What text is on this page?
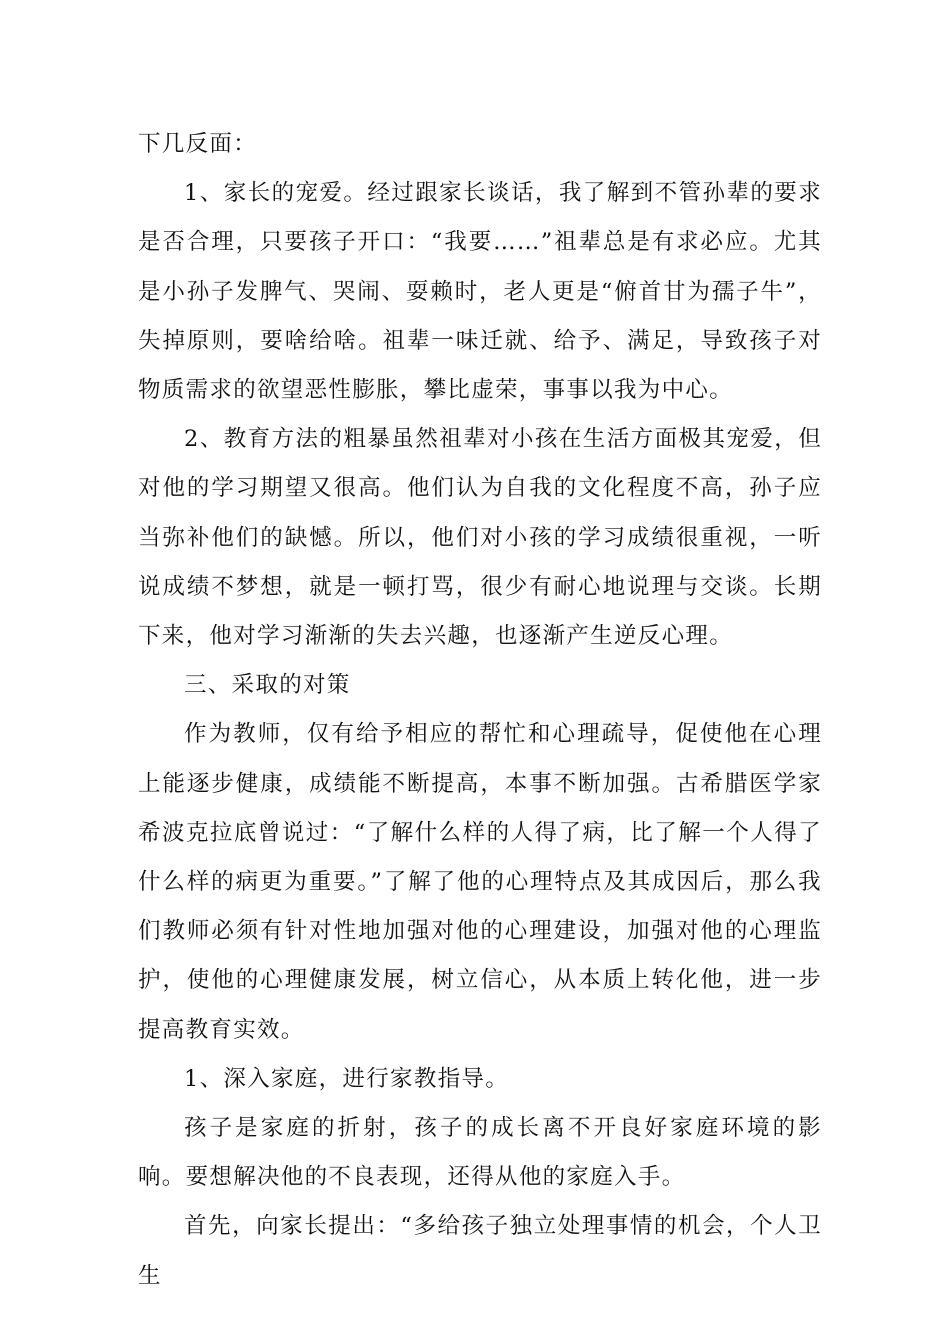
下几反面：

1、家长的宠爱。经过跟家长谈话，我了解到不管孙辈的要求是否合理，只要孩子开口：“我要……”祖辈总是有求必应。尤其是小孙子发脾气、哭闹、耍赖时，老人更是“俯首甘为孺子牛”，失掉原则，要啥给啥。祖辈一味迁就、给予、满足，导致孩子对物质需求的欲望恶性膨胀，攀比虚荣，事事以我为中心。

2、教育方法的粗暴虽然祖辈对小孩在生活方面极其宠爱，但对他的学习期望又很高。他们认为自我的文化程度不高，孙子应当弥补他们的缺憾。所以，他们对小孩的学习成绩很重视，一听说成绩不梦想，就是一顿打骂，很少有耐心地说理与交谈。长期下来，他对学习渐渐的失去兴趣，也逐渐产生逆反心理。

三、采取的对策

作为教师，仅有给予相应的帮忙和心理疏导，促使他在心理上能逐步健康，成绩能不断提高，本事不断加强。古希腊医学家希波克拉底曾说过：“了解什么样的人得了病，比了解一个人得了什么样的病更为重要。”了解了他的心理特点及其成因后，那么我们教师必须有针对性地加强对他的心理建设，加强对他的心理监护，使他的心理健康发展，树立信心，从本质上转化他，进一步提高教育实效。

1、深入家庭，进行家教指导。

孩子是家庭的折射，孩子的成长离不开良好家庭环境的影响。要想解决他的不良表现，还得从他的家庭入手。

首先，向家长提出：“多给孩子独立处理事情的机会，个人卫生
